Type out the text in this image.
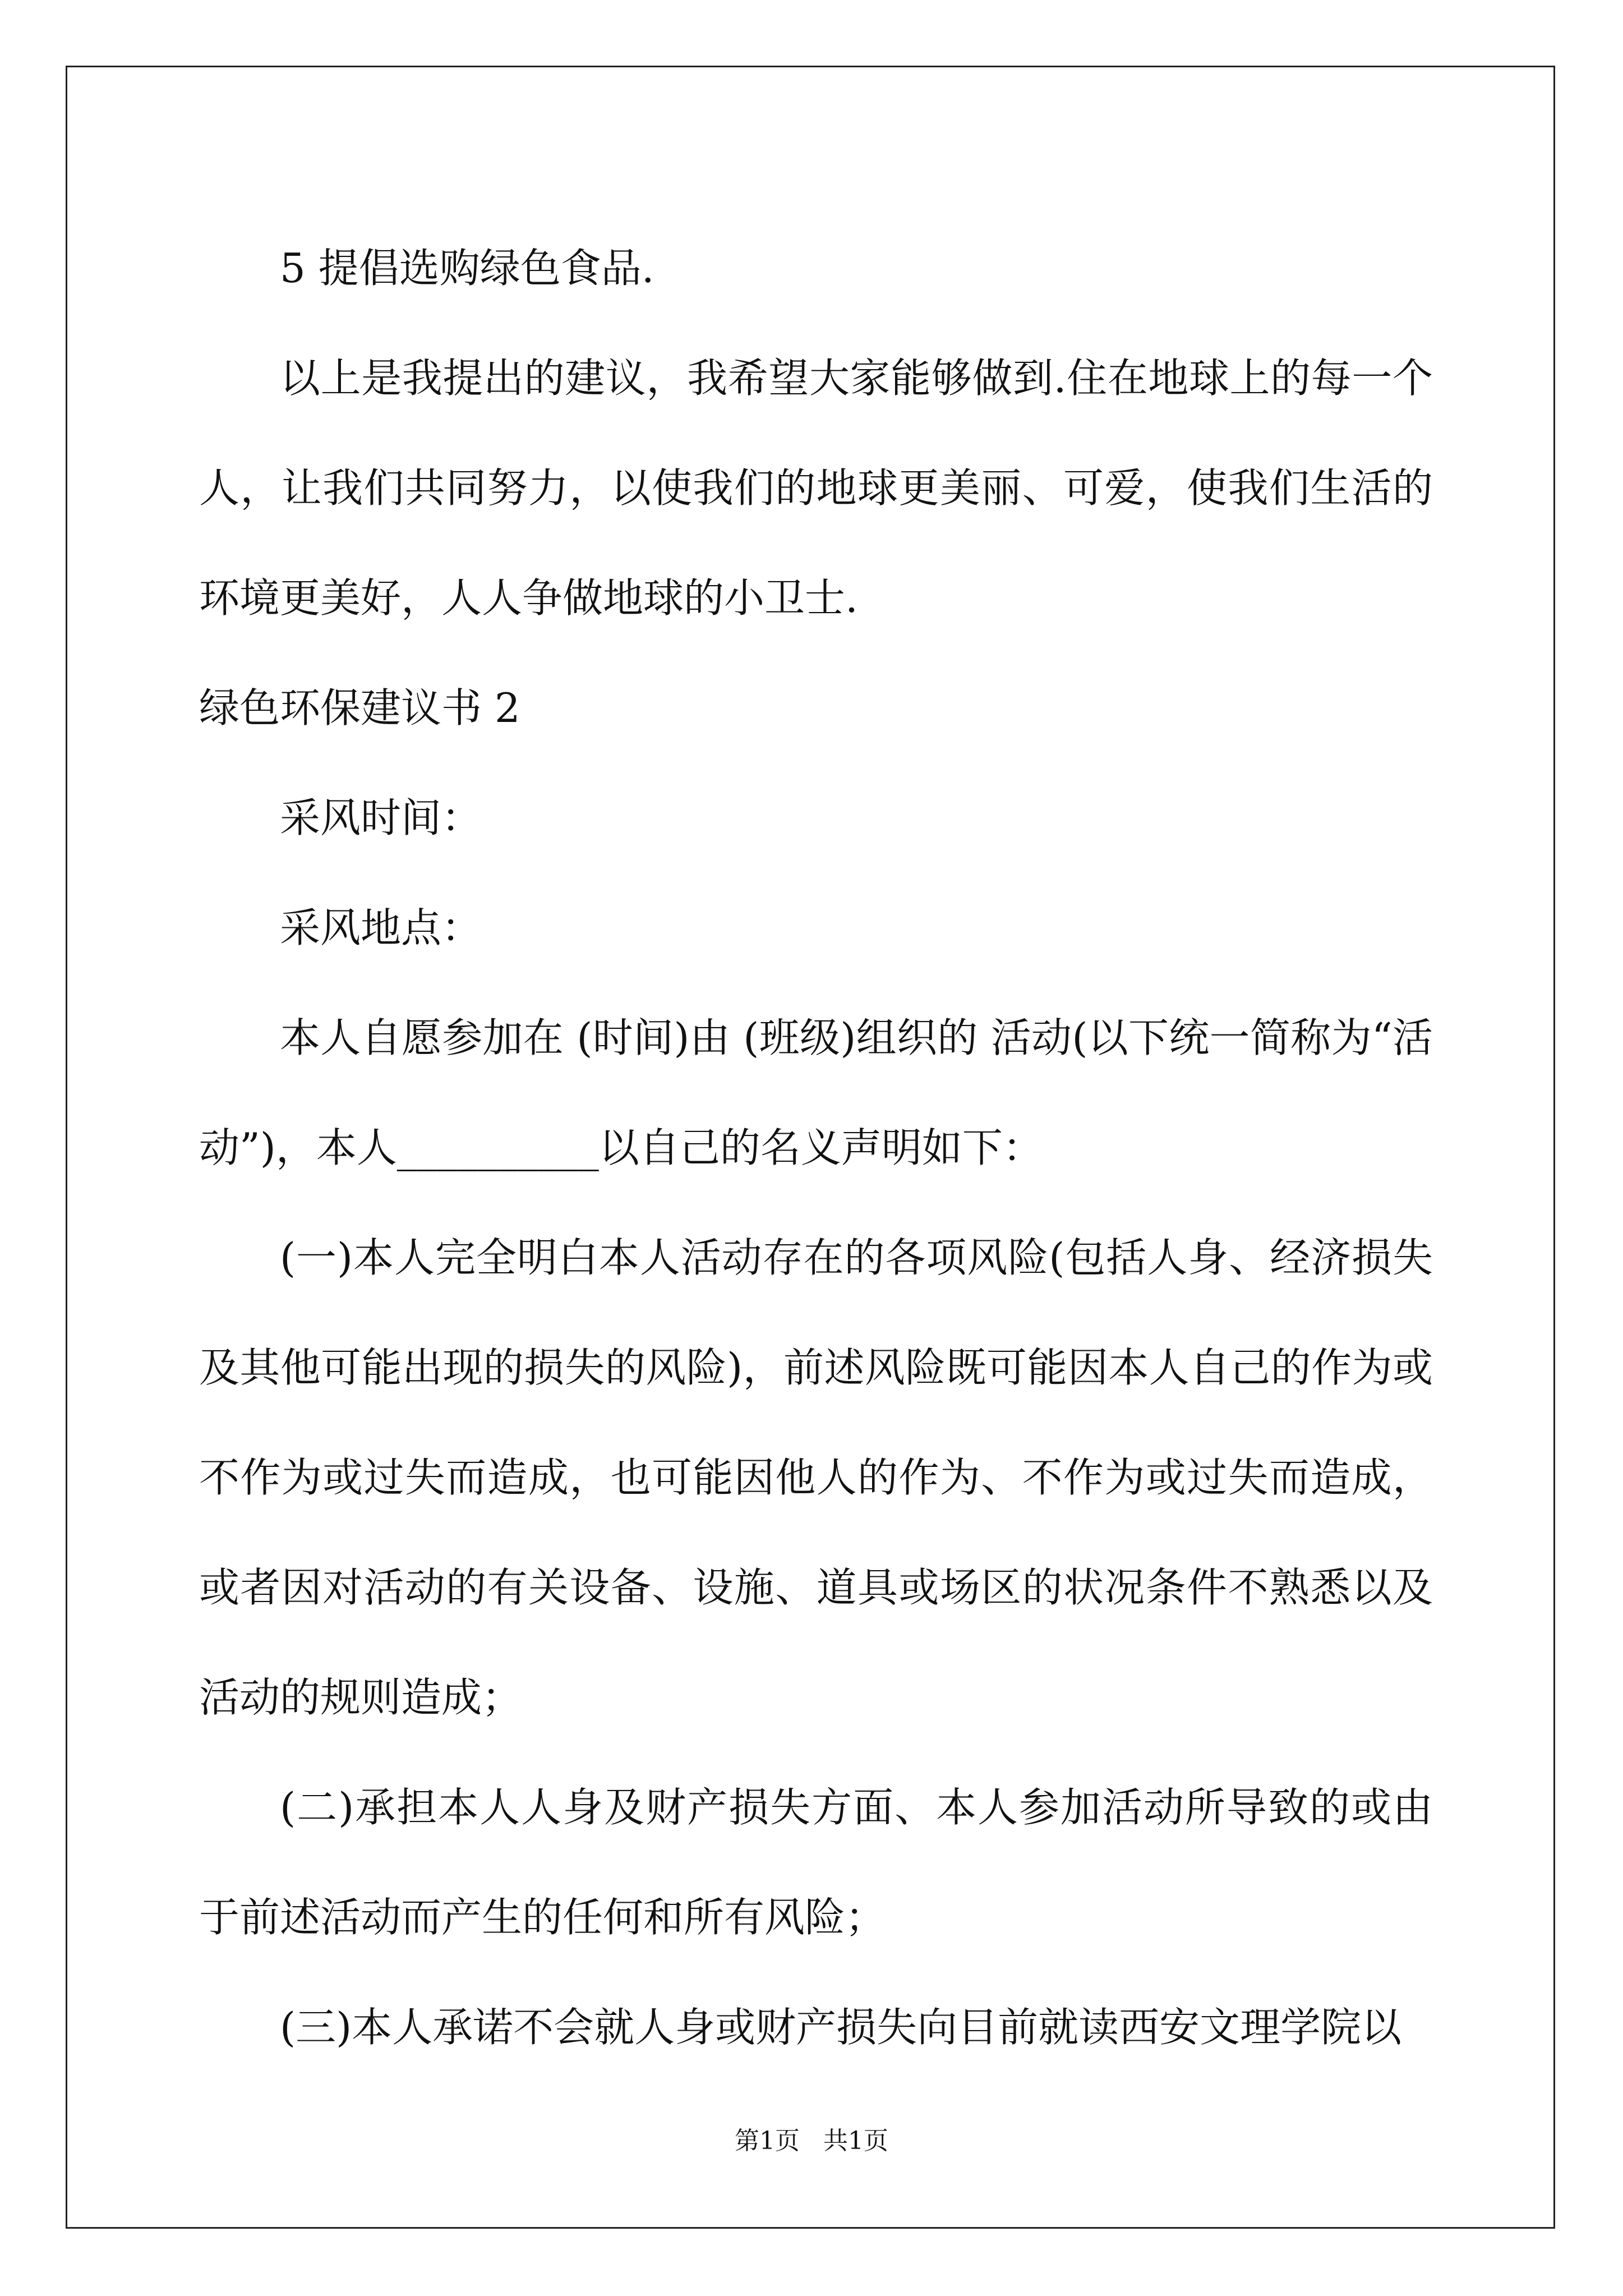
5 提倡选购绿色食品.

以上是我提出的建议，我希望大家能够做到.住在地球上的每一个人，让我们共同努力，以使我们的地球更美丽、可爱，使我们生活的环境更美好，人人争做地球的小卫士.

绿色环保建议书 2

采风时间：

采风地点：

本人自愿参加在 (时间)由 (班级)组织的 活动(以下统一简称为“活动”)，本人__________以自己的名义声明如下：

(一)本人完全明白本人活动存在的各项风险(包括人身、经济损失及其他可能出现的损失的风险)，前述风险既可能因本人自己的作为或不作为或过失而造成，也可能因他人的作为、不作为或过失而造成，或者因对活动的有关设备、设施、道具或场区的状况条件不熟悉以及活动的规则造成；

(二)承担本人人身及财产损失方面、本人参加活动所导致的或由于前述活动而产生的任何和所有风险；

(三)本人承诺不会就人身或财产损失向目前就读西安文理学院以

第1页 共1页
